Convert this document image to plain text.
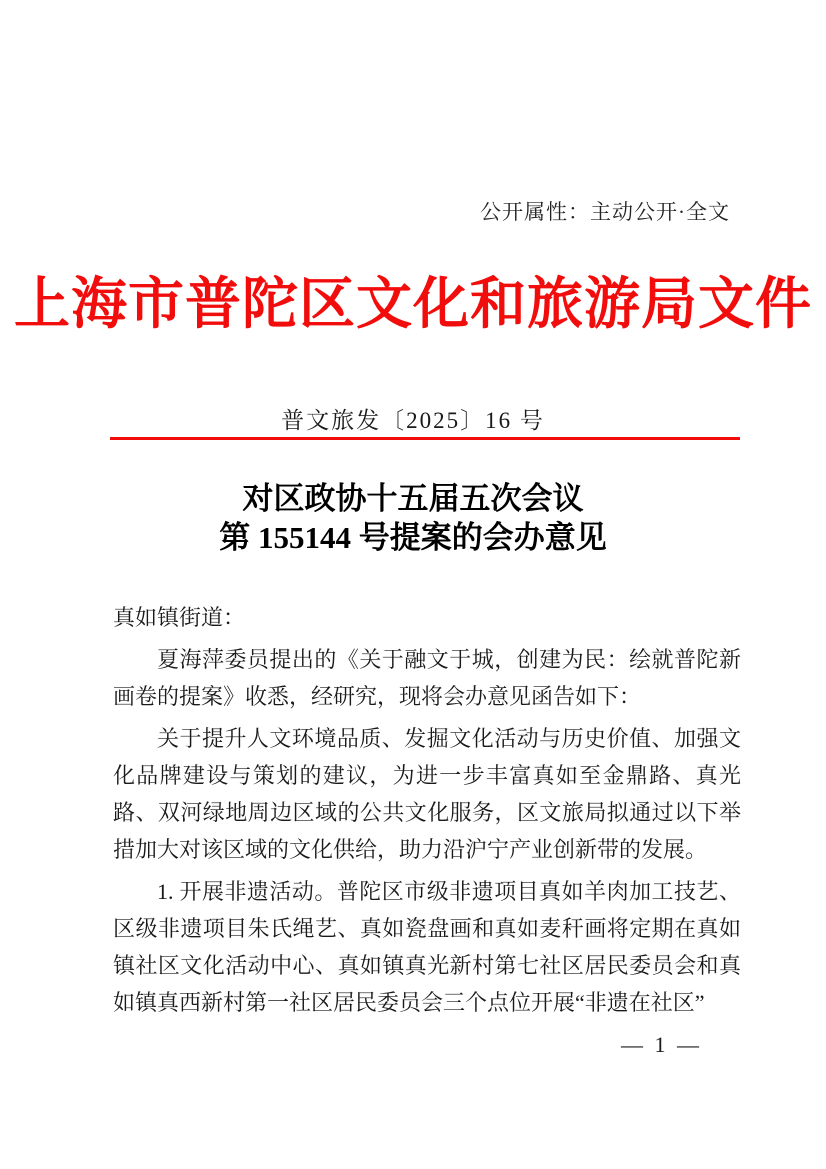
公开属性：主动公开·全文
上海市普陀区文化和旅游局文件
普文旅发〔2025〕16 号
对区政协十五届五次会议
第 155144 号提案的会办意见

真如镇街道：

夏海萍委员提出的《关于融文于城，创建为民：绘就普陀新画卷的提案》收悉，经研究，现将会办意见函告如下：

关于提升人文环境品质、发掘文化活动与历史价值、加强文化品牌建设与策划的建议，为进一步丰富真如至金鼎路、真光路、双河绿地周边区域的公共文化服务，区文旅局拟通过以下举措加大对该区域的文化供给，助力沿沪宁产业创新带的发展。

1. 开展非遗活动。普陀区市级非遗项目真如羊肉加工技艺、区级非遗项目朱氏绳艺、真如瓷盘画和真如麦秆画将定期在真如镇社区文化活动中心、真如镇真光新村第七社区居民委员会和真如镇真西新村第一社区居民委员会三个点位开展“非遗在社区”

— 1 —
